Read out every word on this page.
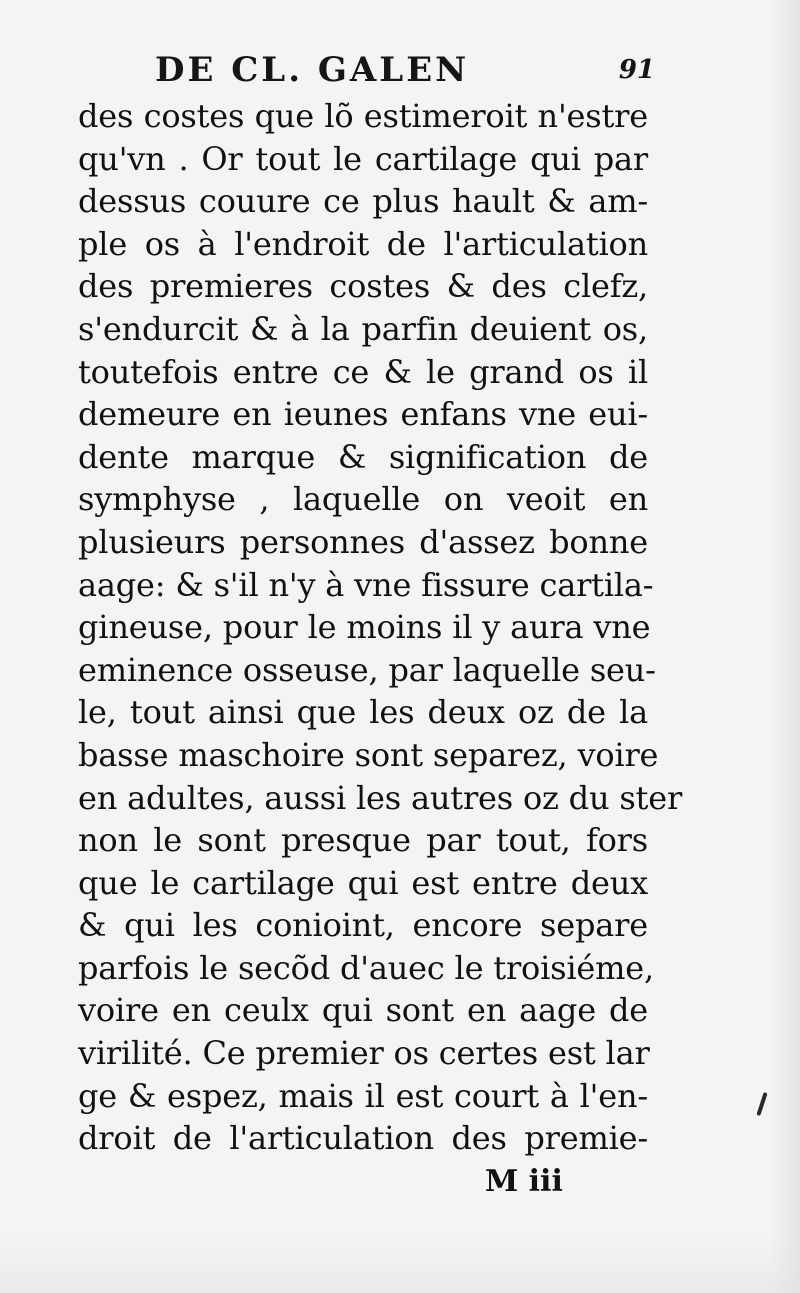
DE CL. GALEN	91
des costes que lõ estimeroit n'estre
qu'vn . Or tout le cartilage qui par
dessus couure ce plus hault & am-
ple os à l'endroit de l'articulation
des premieres costes & des clefz,
s'endurcit & à la parfin deuient os,
toutefois entre ce & le grand os il
demeure en ieunes enfans vne eui-
dente marque & signification de
symphyse , laquelle on veoit en
plusieurs personnes d'assez bonne
aage: & s'il n'y à vne fissure cartila-
gineuse, pour le moins il y aura vne
eminence osseuse, par laquelle seu-
le, tout ainsi que les deux oz de la
basse maschoire sont separez, voire
en adultes, aussi les autres oz du ster
non le sont presque par tout, fors
que le cartilage qui est entre deux
& qui les conioint, encore separe
parfois le secõd d'auec le troisiéme,
voire en ceulx qui sont en aage de
virilité. Ce premier os certes est lar
ge & espez, mais il est court à l'en-
droit de l'articulation des premie-
M iii
